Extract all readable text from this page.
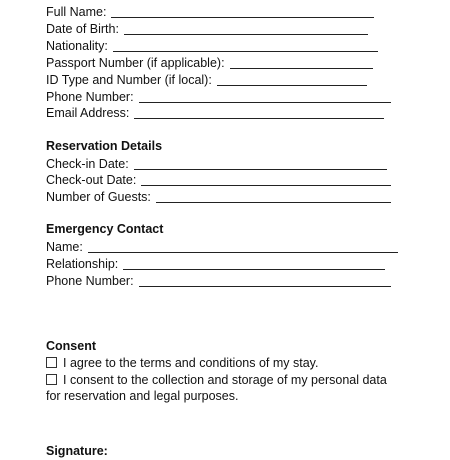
Full Name:
Date of Birth:
Nationality:
Passport Number (if applicable):
ID Type and Number (if local):
Phone Number:
Email Address:
Reservation Details
Check-in Date:
Check-out Date:
Number of Guests:
Emergency Contact
Name:
Relationship:
Phone Number:
Consent
I agree to the terms and conditions of my stay.
I consent to the collection and storage of my personal data
for reservation and legal purposes.
Signature:
